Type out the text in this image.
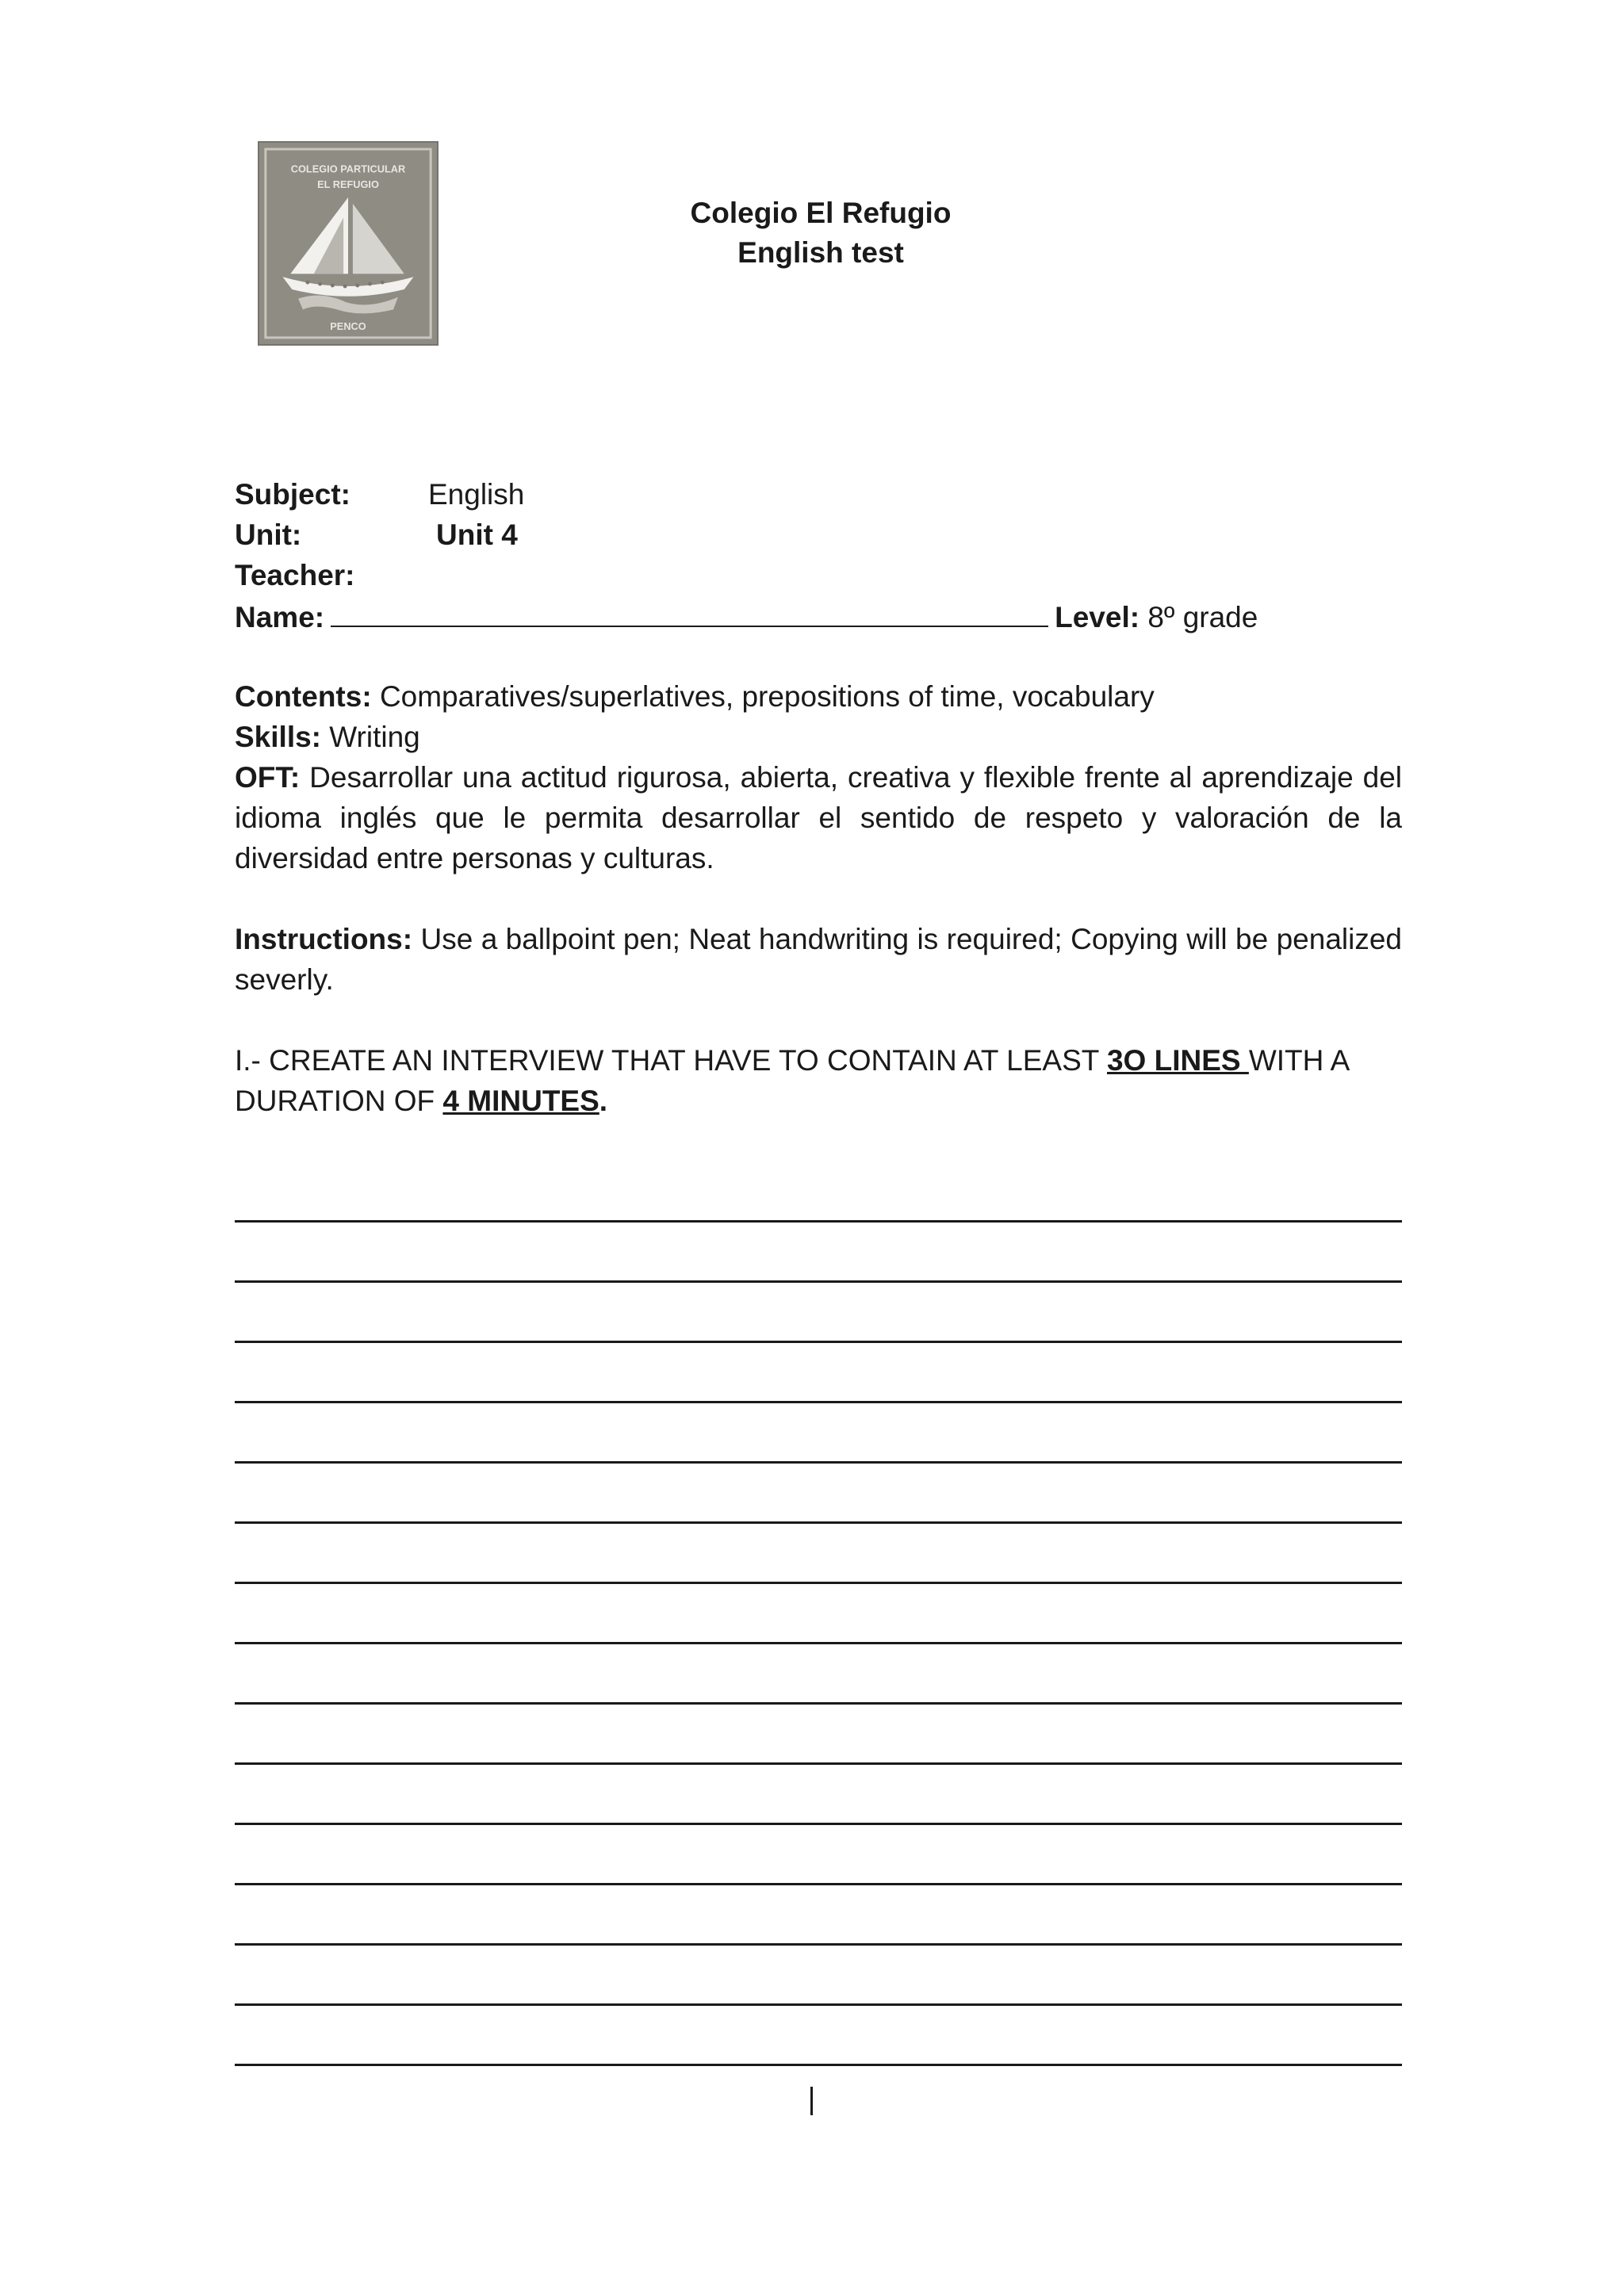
COLEGIO PARTICULAR
EL REFUGIO
PENCO
Colegio El Refugio
English test
Subject:	English
Unit:	Unit 4
Teacher:
Name:	Level: 8º grade
Contents: Comparatives/superlatives, prepositions of time, vocabulary
Skills: Writing
OFT: Desarrollar una actitud rigurosa, abierta, creativa y flexible frente al aprendizaje del idioma inglés que le permita desarrollar el sentido de respeto y valoración de la diversidad entre personas y culturas.
Instructions: Use a ballpoint pen; Neat handwriting is required; Copying will be penalized severly.
I.- CREATE AN INTERVIEW THAT HAVE TO CONTAIN AT LEAST 3O LINES WITH A DURATION OF 4 MINUTES.
